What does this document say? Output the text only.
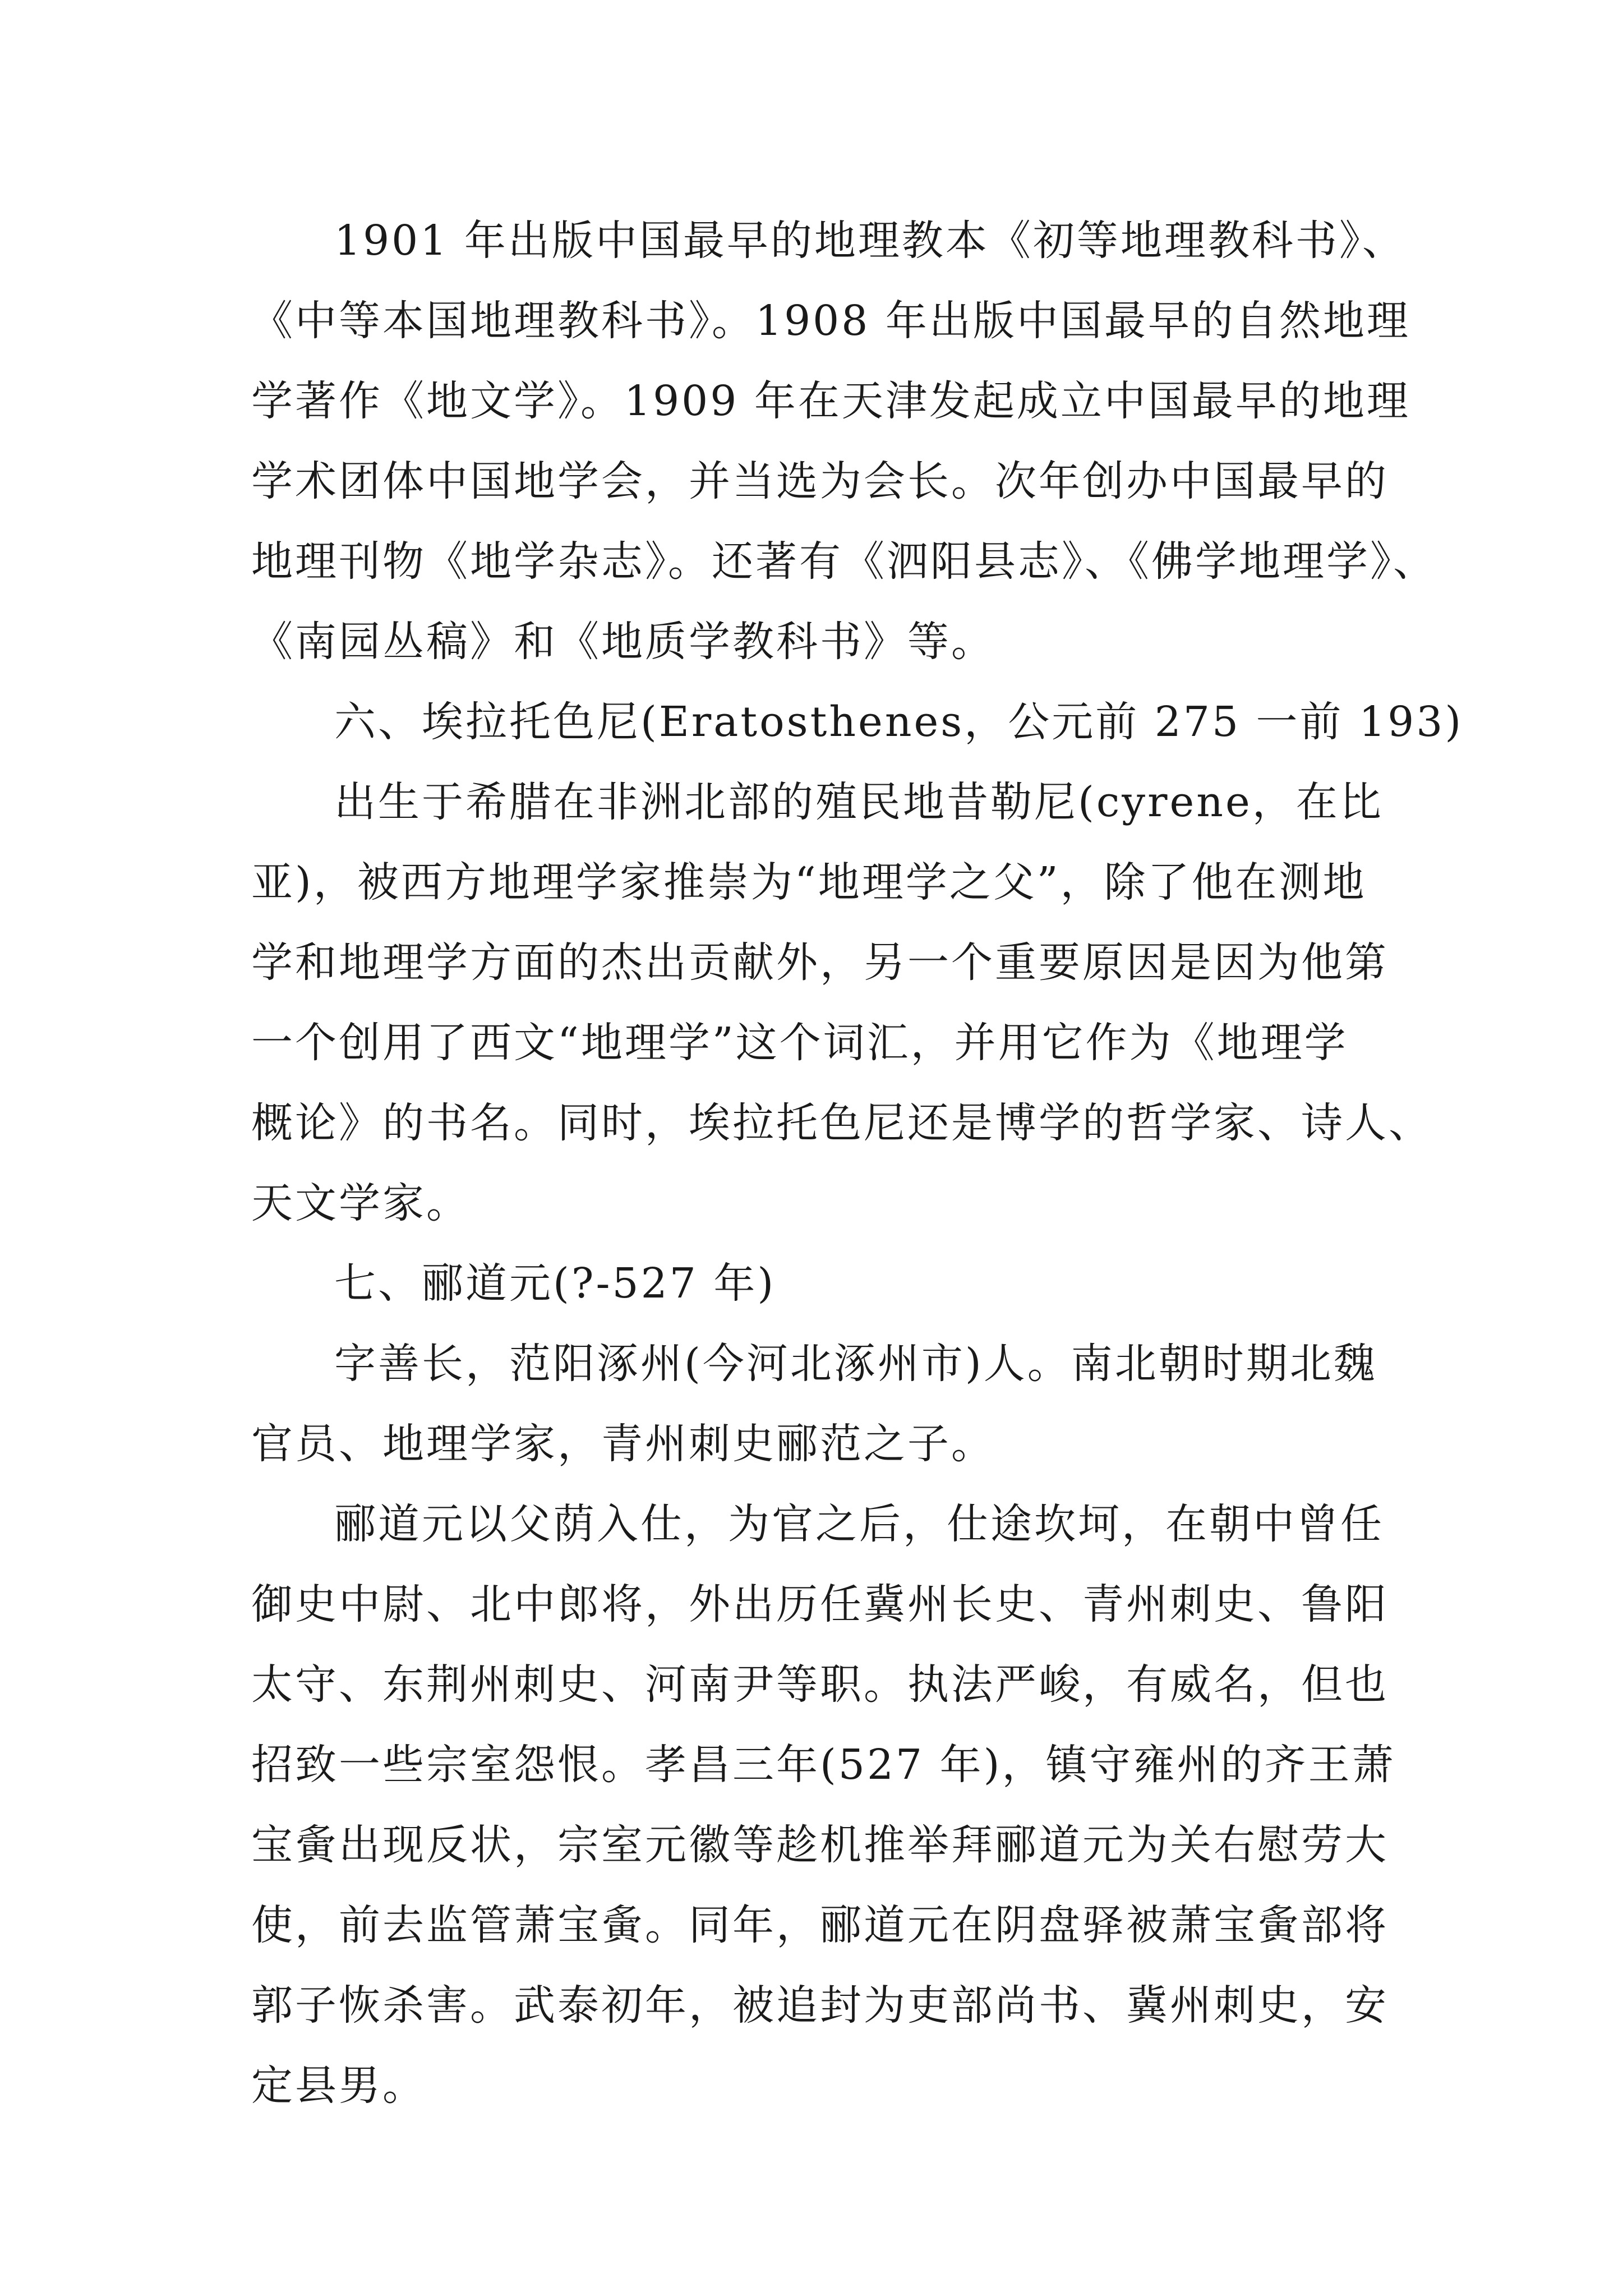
1901 年出版中国最早的地理教本《初等地理教科书》、
《中等本国地理教科书》。1908 年出版中国最早的自然地理
学著作《地文学》。1909 年在天津发起成立中国最早的地理
学术团体中国地学会，并当选为会长。次年创办中国最早的
地理刊物《地学杂志》。还著有《泗阳县志》、《佛学地理学》、
《南园丛稿》和《地质学教科书》等。
六、埃拉托色尼(Eratosthenes，公元前 275 一前 193)
出生于希腊在非洲北部的殖民地昔勒尼(cyrene，在比
亚)，被西方地理学家推崇为“地理学之父”，除了他在测地
学和地理学方面的杰出贡献外，另一个重要原因是因为他第
一个创用了西文“地理学”这个词汇，并用它作为《地理学
概论》的书名。同时，埃拉托色尼还是博学的哲学家、诗人、
天文学家。
七、郦道元(?-527 年)
字善长，范阳涿州(今河北涿州市)人。南北朝时期北魏
官员、地理学家，青州刺史郦范之子。
郦道元以父荫入仕，为官之后，仕途坎坷，在朝中曾任
御史中尉、北中郎将，外出历任冀州长史、青州刺史、鲁阳
太守、东荆州刺史、河南尹等职。执法严峻，有威名，但也
招致一些宗室怨恨。孝昌三年(527 年)，镇守雍州的齐王萧
宝夤出现反状，宗室元徽等趁机推举拜郦道元为关右慰劳大
使，前去监管萧宝夤。同年，郦道元在阴盘驿被萧宝夤部将
郭子恢杀害。武泰初年，被追封为吏部尚书、冀州刺史，安
定县男。
